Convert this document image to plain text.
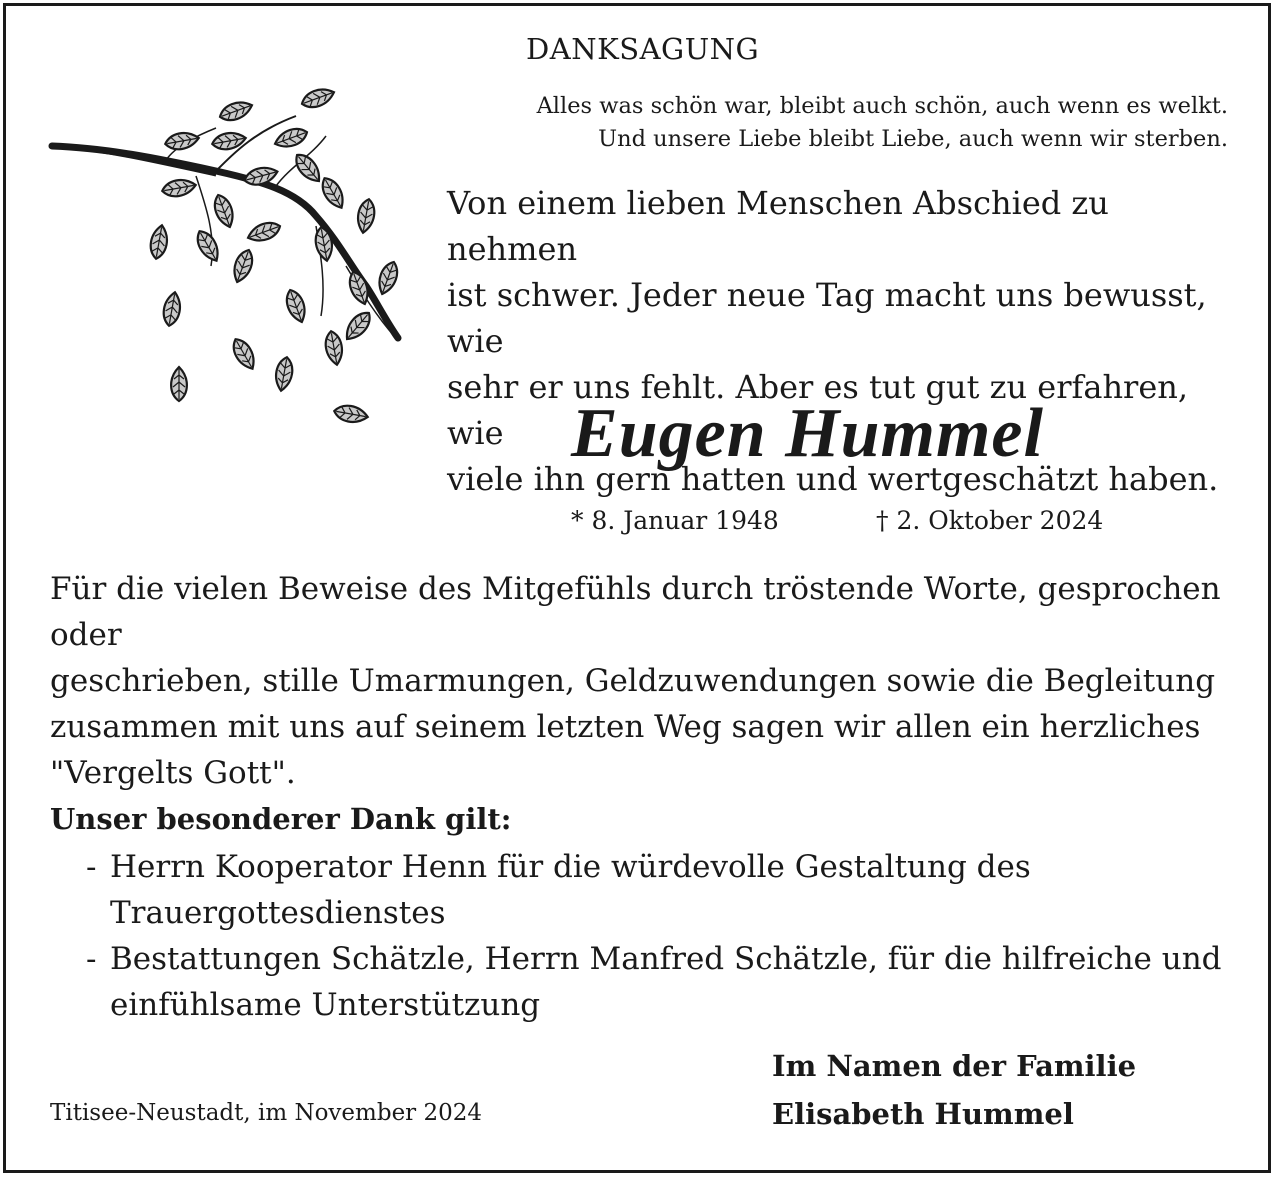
DANKSAGUNG
Alles was schön war, bleibt auch schön, auch wenn es welkt.
Und unsere Liebe bleibt Liebe, auch wenn wir sterben.
Von einem lieben Menschen Abschied zu nehmen
ist schwer. Jeder neue Tag macht uns bewusst, wie
sehr er uns fehlt. Aber es tut gut zu erfahren, wie
viele ihn gern hatten und wertgeschätzt haben.
Eugen Hummel
* 8. Januar 1948	† 2. Oktober 2024
Für die vielen Beweise des Mitgefühls durch tröstende Worte, gesprochen oder
geschrieben, stille Umarmungen, Geldzuwendungen sowie die Begleitung
zusammen mit uns auf seinem letzten Weg sagen wir allen ein herzliches
"Vergelts Gott".
Unser besonderer Dank gilt:
- Herrn Kooperator Henn für die würdevolle Gestaltung des
Trauergottesdienstes
- Bestattungen Schätzle, Herrn Manfred Schätzle, für die hilfreiche und
einfühlsame Unterstützung
Im Namen der Familie
Elisabeth Hummel
Titisee-Neustadt, im November 2024
